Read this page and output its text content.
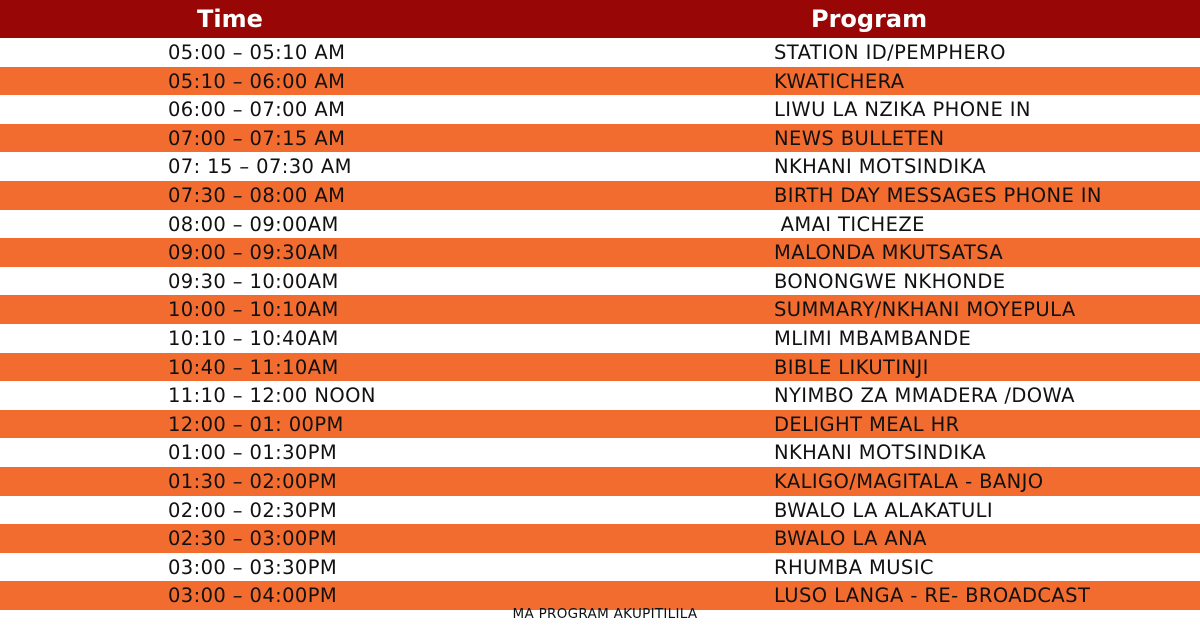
Time	Program
05:00 – 05:10 AM	STATION ID/PEMPHERO
05:10 – 06:00 AM	KWATICHERA
06:00 – 07:00 AM	LIWU LA NZIKA PHONE IN
07:00 – 07:15 AM	NEWS BULLETEN
07: 15 – 07:30 AM	NKHANI MOTSINDIKA
07:30 – 08:00 AM	BIRTH DAY MESSAGES PHONE IN
08:00 – 09:00AM	AMAI TICHEZE
09:00 – 09:30AM	MALONDA MKUTSATSA
09:30 – 10:00AM	BONONGWE NKHONDE
10:00 – 10:10AM	SUMMARY/NKHANI MOYEPULA
10:10 – 10:40AM	MLIMI MBAMBANDE
10:40 – 11:10AM	BIBLE LIKUTINJI
11:10 – 12:00 NOON	NYIMBO ZA MMADERA /DOWA
12:00 – 01: 00PM	DELIGHT MEAL HR
01:00 – 01:30PM	NKHANI MOTSINDIKA
01:30 – 02:00PM	KALIGO/MAGITALA - BANJO
02:00 – 02:30PM	BWALO LA ALAKATULI
02:30 – 03:00PM	BWALO LA ANA
03:00 – 03:30PM	RHUMBA MUSIC
03:00 – 04:00PM	LUSO LANGA - RE- BROADCAST
MA PROGRAM AKUPITILILA
